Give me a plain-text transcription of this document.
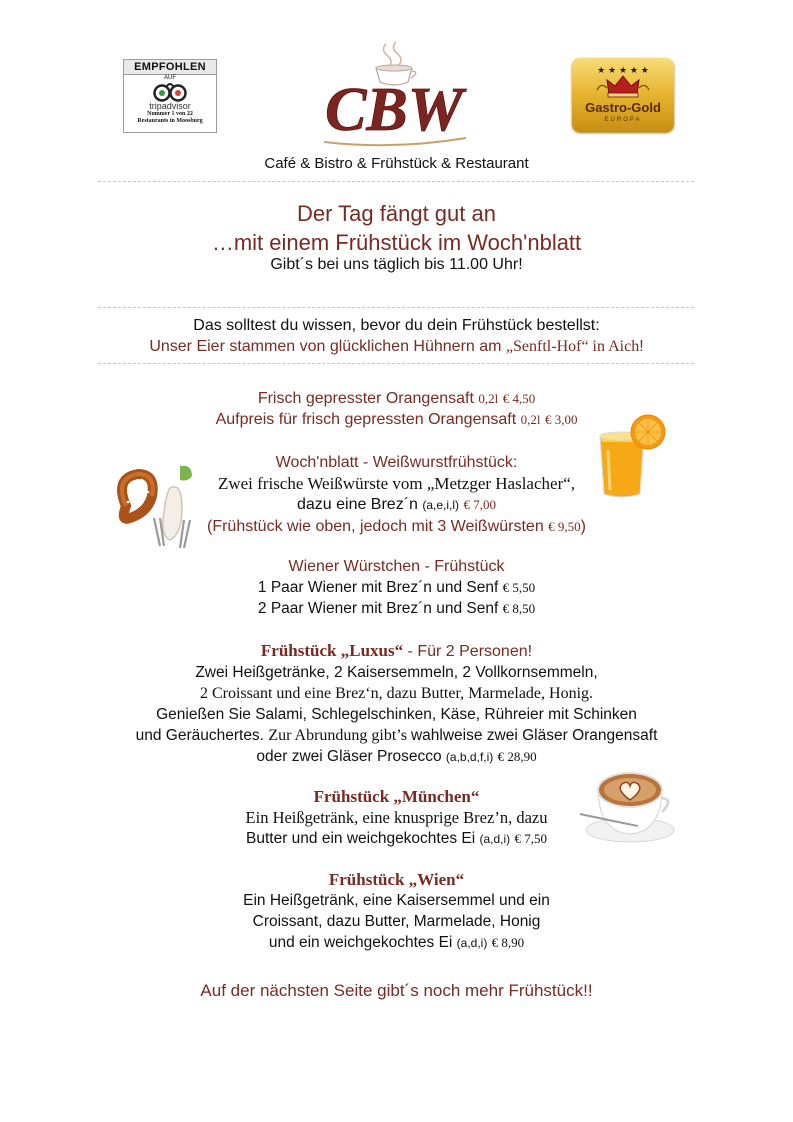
EMPFOHLEN
AUF
tripadvisor
Nummer 1 von 22
Restaurants in Moosburg CBW
★ ★ ★ ★ ★
Gastro-Gold
EUROPA
Café & Bistro & Frühstück & Restaurant
Der Tag fängt gut an
…mit einem Frühstück im Woch'nblatt
Gibt´s bei uns täglich bis 11.00 Uhr!
Das solltest du wissen, bevor du dein Frühstück bestellst:
Unser Eier stammen von glücklichen Hühnern am „Senftl-Hof“ in Aich!
Frisch gepresster Orangensaft 0,2l € 4,50
Aufpreis für frisch gepressten Orangensaft 0,2l € 3,00
Woch'nblatt - Weißwurstfrühstück:
Zwei frische Weißwürste vom „Metzger Haslacher“,
dazu eine Brez´n (a,e,i,l) € 7,00
(Frühstück wie oben, jedoch mit 3 Weißwürsten € 9,50)
Wiener Würstchen - Frühstück
1 Paar Wiener mit Brez´n und Senf € 5,50
2 Paar Wiener mit Brez´n und Senf € 8,50
Frühstück „Luxus“ - Für 2 Personen!
Zwei Heißgetränke, 2 Kaisersemmeln, 2 Vollkornsemmeln,
2 Croissant und eine Brez‘n, dazu Butter, Marmelade, Honig.
Genießen Sie Salami, Schlegelschinken, Käse, Rühreier mit Schinken
und Geräuchertes. Zur Abrundung gibt’s wahlweise zwei Gläser Orangensaft
oder zwei Gläser Prosecco (a,b,d,f,i) € 28,90
Frühstück „München“
Ein Heißgetränk, eine knusprige Brez’n, dazu
Butter und ein weichgekochtes Ei (a,d,i) € 7,50
Frühstück „Wien“
Ein Heißgetränk, eine Kaisersemmel und ein
Croissant, dazu Butter, Marmelade, Honig
und ein weichgekochtes Ei (a,d,i) € 8,90
Auf der nächsten Seite gibt´s noch mehr Frühstück!!
